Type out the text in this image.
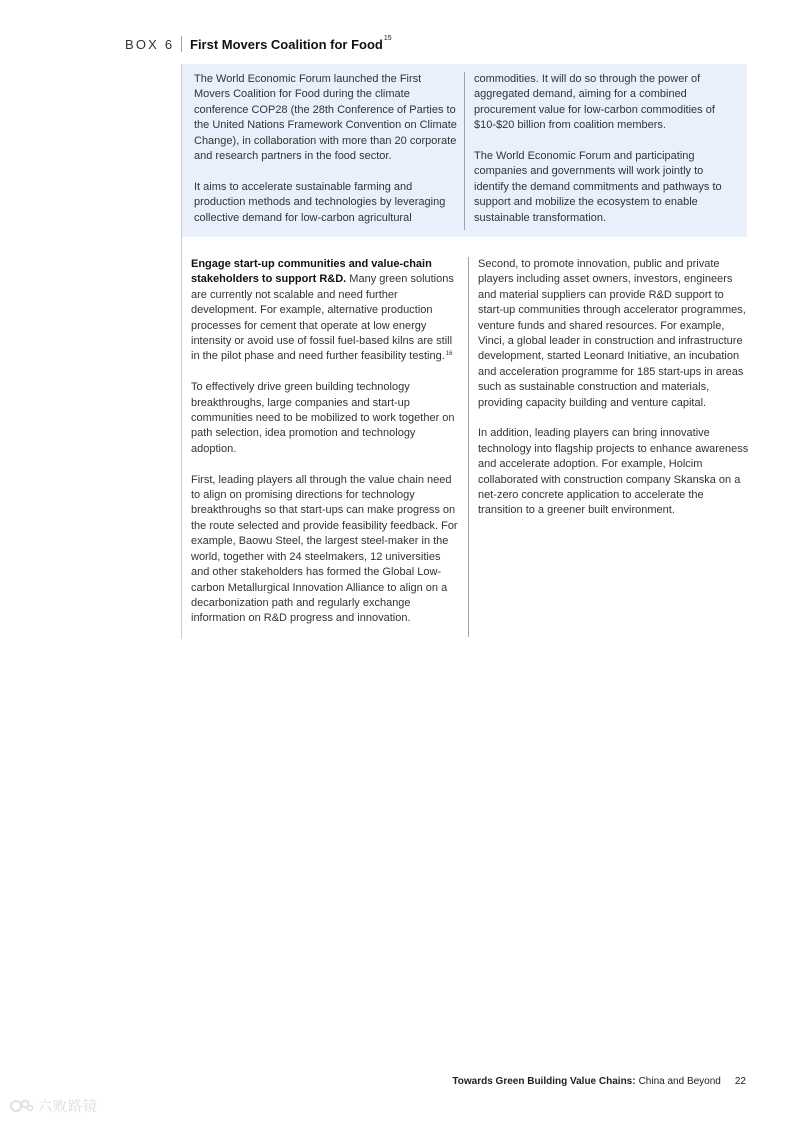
BOX 6 First Movers Coalition for Food$^{15}$

The World Economic Forum launched the First Movers Coalition for Food during the climate conference COP28 (the 28th Conference of Parties to the United Nations Framework Convention on Climate Change), in collaboration with more than 20 corporate and research partners in the food sector.

It aims to accelerate sustainable farming and production methods and technologies by leveraging collective demand for low-carbon agricultural

commodities. It will do so through the power of aggregated demand, aiming for a combined procurement value for low-carbon commodities of $10-$20 billion from coalition members.

The World Economic Forum and participating companies and governments will work jointly to identify the demand commitments and pathways to support and mobilize the ecosystem to enable sustainable transformation.

Engage start-up communities and value-chain stakeholders to support R&D. Many green solutions are currently not scalable and need further development. For example, alternative production processes for cement that operate at low energy intensity or avoid use of fossil fuel-based kilns are still in the pilot phase and need further feasibility testing.$^{16}$

To effectively drive green building technology breakthroughs, large companies and start-up communities need to be mobilized to work together on path selection, idea promotion and technology adoption.

First, leading players all through the value chain need to align on promising directions for technology breakthroughs so that start-ups can make progress on the route selected and provide feasibility feedback. For example, Baowu Steel, the largest steel-maker in the world, together with 24 steelmakers, 12 universities and other stakeholders has formed the Global Low-carbon Metallurgical Innovation Alliance to align on a decarbonization path and regularly exchange information on R&D progress and innovation.

Second, to promote innovation, public and private players including asset owners, investors, engineers and material suppliers can provide R&D support to start-up communities through accelerator programmes, venture funds and shared resources. For example, Vinci, a global leader in construction and infrastructure development, started Leonard Initiative, an incubation and acceleration programme for 185 start-ups in areas such as sustainable construction and materials, providing capacity building and venture capital.

In addition, leading players can bring innovative technology into flagship projects to enhance awareness and accelerate adoption. For example, Holcim collaborated with construction company Skanska on a net-zero concrete application to accelerate the transition to a greener built environment.

Towards Green Building Value Chains: China and Beyond 22
六败路镜
